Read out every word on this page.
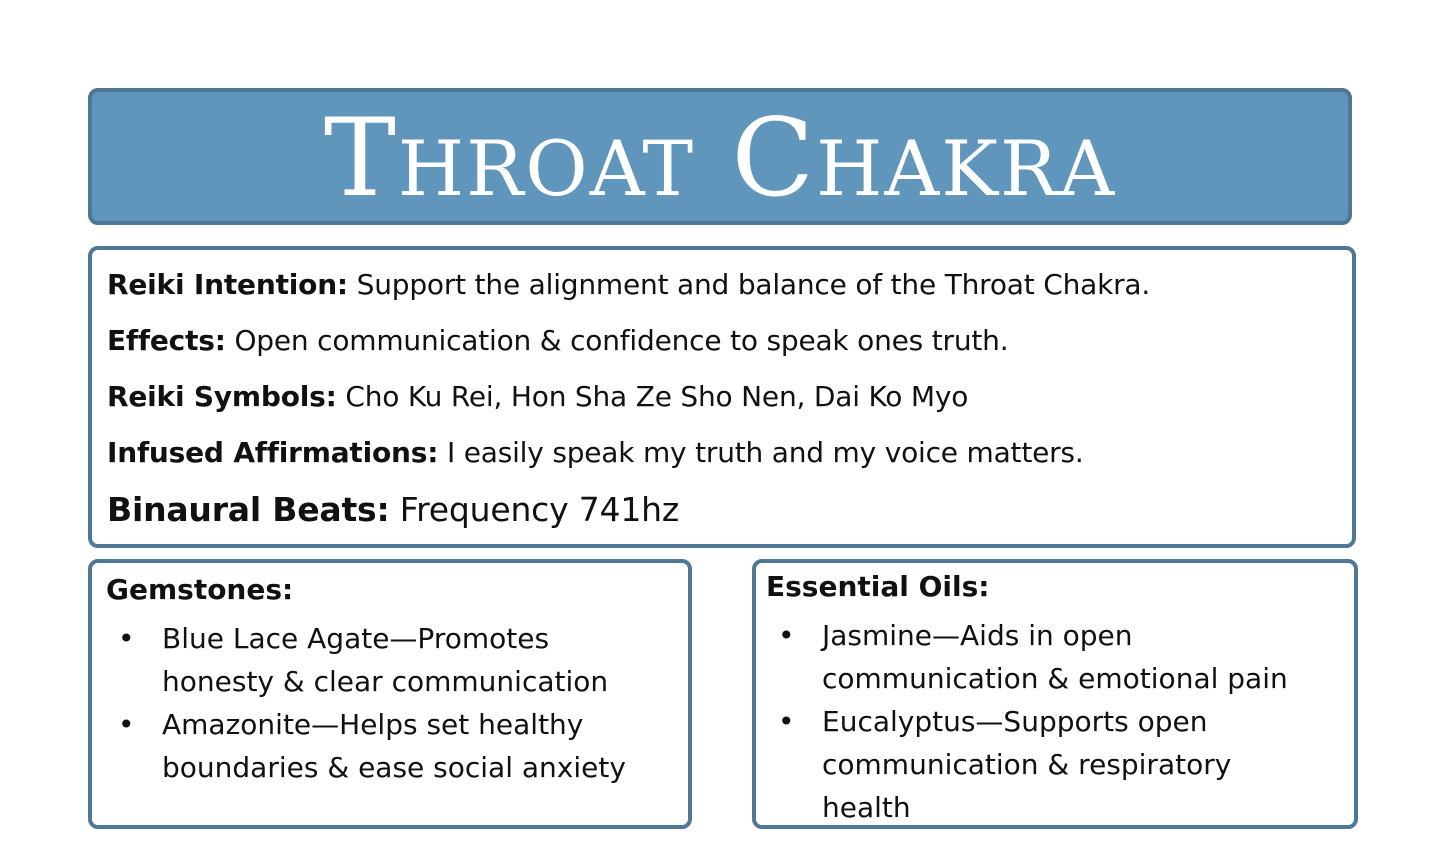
Throat Chakra
Reiki Intention: Support the alignment and balance of the Throat Chakra.
Effects: Open communication & confidence to speak ones truth.
Reiki Symbols: Cho Ku Rei, Hon Sha Ze Sho Nen, Dai Ko Myo
Infused Affirmations: I easily speak my truth and my voice matters.
Binaural Beats: Frequency 741hz
Gemstones:
• Blue Lace Agate—Promotes
honesty & clear communication
• Amazonite—Helps set healthy
boundaries & ease social anxiety
Essential Oils:
• Jasmine—Aids in open
communication & emotional pain
• Eucalyptus—Supports open
communication & respiratory
health
